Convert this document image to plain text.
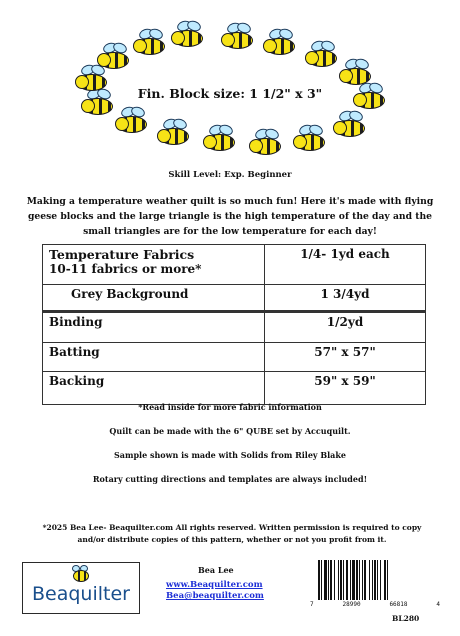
Fin. Block size: 1 1/2" x 3"
Skill Level: Exp. Beginner
Making a temperature weather quilt is so much fun! Here it's made with flying geese blocks and the large triangle is the high temperature of the day and the small triangles are for the low temperature for each day!
Temperature Fabrics
10-11 fabrics or more*	1/4- 1yd each
Grey Background	1 3/4yd
Binding	1/2yd
Batting	57" x 57"
Backing	59" x 59"
*Read inside for more fabric information
Quilt can be made with the 6" QUBE set by Accuquilt.
Sample shown is made with Solids from Riley Blake
Rotary cutting directions and templates are always included!
*2025 Bea Lee- Beaquilter.com All rights reserved. Written permission is required to copy
and/or distribute copies of this pattern, whether or not you profit from it.
Beaquilter
Bea Lee
www.Beaquilter.com
Bea@beaquilter.com
7	28990	66818	4
BL280
